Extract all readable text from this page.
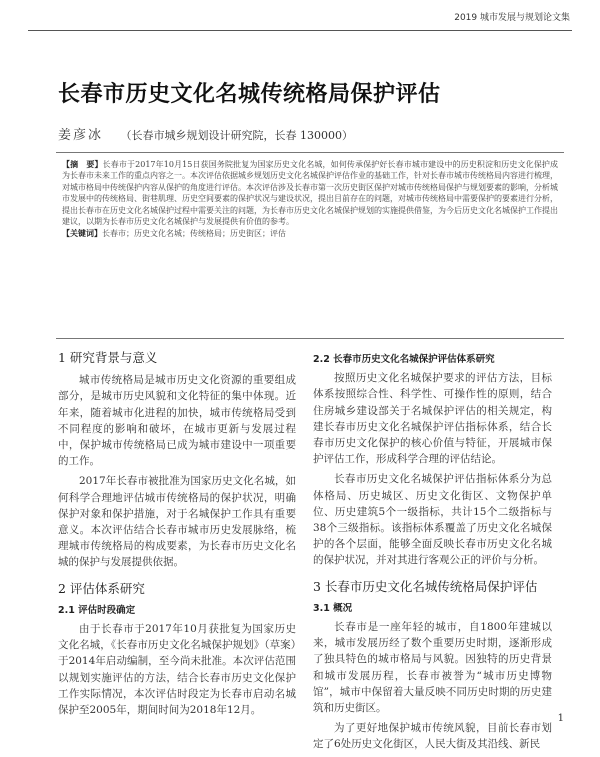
2019 城市发展与规划论文集
长春市历史文化名城传统格局保护评估
姜彦冰 （长春市城乡规划设计研究院，长春 130000）
【摘　要】长春市于2017年10月15日获国务院批复为国家历史文化名城，如何传承保护好长春市城市建设中的历史积淀和历史文化保护成为长春市未来工作的重点内容之一。本次评估依据城乡规划历史文化名城保护评估作业的基础工作，针对长春市城市传统格局内容进行梳理，对城市格局中传统保护内容从保护的角度进行评估。本次评估涉及长春市第一次历史街区保护对城市传统格局保护与规划要素的影响，分析城市发展中的传统格局、街巷肌理、历史空间要素的保护状况与建设状况，提出目前存在的问题，对城市传统格局中需要保护的要素进行分析，提出长春市在历史文化名城保护过程中需要关注的问题，为长春市历史文化名城保护规划的实施提供借鉴，为今后历史文化名城保护工作提出建议，以期为长春市历史文化名城保护与发展提供有价值的参考。
【关键词】长春市；历史文化名城；传统格局；历史街区；评估
1 研究背景与意义

城市传统格局是城市历史文化资源的重要组成部分，是城市历史风貌和文化特征的集中体现。近年来，随着城市化进程的加快，城市传统格局受到不同程度的影响和破坏，在城市更新与发展过程中，保护城市传统格局已成为城市建设中一项重要的工作。

2017年长春市被批准为国家历史文化名城，如何科学合理地评估城市传统格局的保护状况，明确保护对象和保护措施，对于名城保护工作具有重要意义。本次评估结合长春市城市历史发展脉络，梳理城市传统格局的构成要素，为长春市历史文化名城的保护与发展提供依据。

2 评估体系研究
2.1 评估时段确定

由于长春市于2017年10月获批复为国家历史文化名城，《长春市历史文化名城保护规划》（草案）于2014年启动编制，至今尚未批准。本次评估范围以规划实施评估的方法，结合长春市历史文化保护工作实际情况，本次评估时段定为长春市启动名城保护至2005年，期间时间为2018年12月。

2.2 长春市历史文化名城保护评估体系研究

按照历史文化名城保护要求的评估方法，目标体系按照综合性、科学性、可操作性的原则，结合住房城乡建设部关于名城保护评估的相关规定，构建长春市历史文化名城保护评估指标体系，结合长春市历史文化保护的核心价值与特征，开展城市保护评估工作，形成科学合理的评估结论。

长春市历史文化名城保护评估指标体系分为总体格局、历史城区、历史文化街区、文物保护单位、历史建筑5个一级指标，共计15个二级指标与38个三级指标。该指标体系覆盖了历史文化名城保护的各个层面，能够全面反映长春市历史文化名城的保护状况，并对其进行客观公正的评价与分析。

3 长春市历史文化名城传统格局保护评估
3.1 概况

长春市是一座年轻的城市，自1800年建城以来，城市发展历经了数个重要历史时期，逐渐形成了独具特色的城市格局与风貌。因独特的历史背景和城市发展历程，长春市被誉为“城市历史博物馆”，城市中保留着大量反映不同历史时期的历史建筑和历史街区。

为了更好地保护城市传统风貌，目前长春市划定了6处历史文化街区，人民大街及其沿线、新民

1
